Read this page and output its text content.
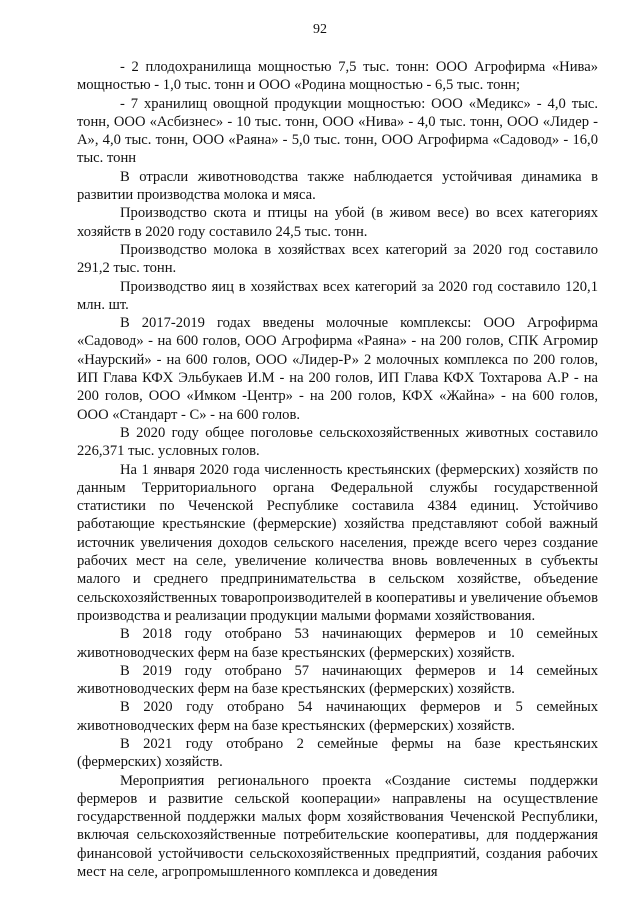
92

- 2 плодохранилища мощностью 7,5 тыс. тонн: ООО Агрофирма «Нива» мощностью - 1,0 тыс. тонн и ООО «Родина мощностью - 6,5 тыс. тонн;

- 7 хранилищ овощной продукции мощностью: ООО «Медикс» - 4,0 тыс. тонн, ООО «Асбизнес» - 10 тыс. тонн, ООО «Нива» - 4,0 тыс. тонн, ООО «Лидер - А», 4,0 тыс. тонн, ООО «Раяна» - 5,0 тыс. тонн, ООО Агрофирма «Садовод» - 16,0 тыс. тонн

В отрасли животноводства также наблюдается устойчивая динамика в развитии производства молока и мяса.

Производство скота и птицы на убой (в живом весе) во всех категориях хозяйств в 2020 году составило 24,5 тыс. тонн.

Производство молока в хозяйствах всех категорий за 2020 год составило 291,2 тыс. тонн.

Производство яиц в хозяйствах всех категорий за 2020 год составило 120,1 млн. шт.

В 2017-2019 годах введены молочные комплексы: ООО Агрофирма «Садовод» - на 600 голов, ООО Агрофирма «Раяна» - на 200 голов, СПК Агромир «Наурский» - на 600 голов, ООО «Лидер-Р» 2 молочных комплекса по 200 голов, ИП Глава КФХ Эльбукаев И.М - на 200 голов, ИП Глава КФХ Тохтарова А.Р - на 200 голов, ООО «Имком -Центр» - на 200 голов, КФХ «Жайна» - на 600 голов, ООО «Стандарт - С» - на 600 голов.

В 2020 году общее поголовье сельскохозяйственных животных составило 226,371 тыс. условных голов.

На 1 января 2020 года численность крестьянских (фермерских) хозяйств по данным Территориального органа Федеральной службы государственной статистики по Чеченской Республике составила 4384 единиц. Устойчиво работающие крестьянские (фермерские) хозяйства представляют собой важный источник увеличения доходов сельского населения, прежде всего через создание рабочих мест на селе, увеличение количества вновь вовлеченных в субъекты малого и среднего предпринимательства в сельском хозяйстве, объедение сельскохозяйственных товаропроизводителей в кооперативы и увеличение объемов производства и реализации продукции малыми формами хозяйствования.

В 2018 году отобрано 53 начинающих фермеров и 10 семейных животноводческих ферм на базе крестьянских (фермерских) хозяйств.

В 2019 году отобрано 57 начинающих фермеров и 14 семейных животноводческих ферм на базе крестьянских (фермерских) хозяйств.

В 2020 году отобрано 54 начинающих фермеров и 5 семейных животноводческих ферм на базе крестьянских (фермерских) хозяйств.

В 2021 году отобрано 2 семейные фермы на базе крестьянских (фермерских) хозяйств.

Мероприятия регионального проекта «Создание системы поддержки фермеров и развитие сельской кооперации» направлены на осуществление государственной поддержки малых форм хозяйствования Чеченской Республики, включая сельскохозяйственные потребительские кооперативы, для поддержания финансовой устойчивости сельскохозяйственных предприятий, создания рабочих мест на селе, агропромышленного комплекса и доведения
